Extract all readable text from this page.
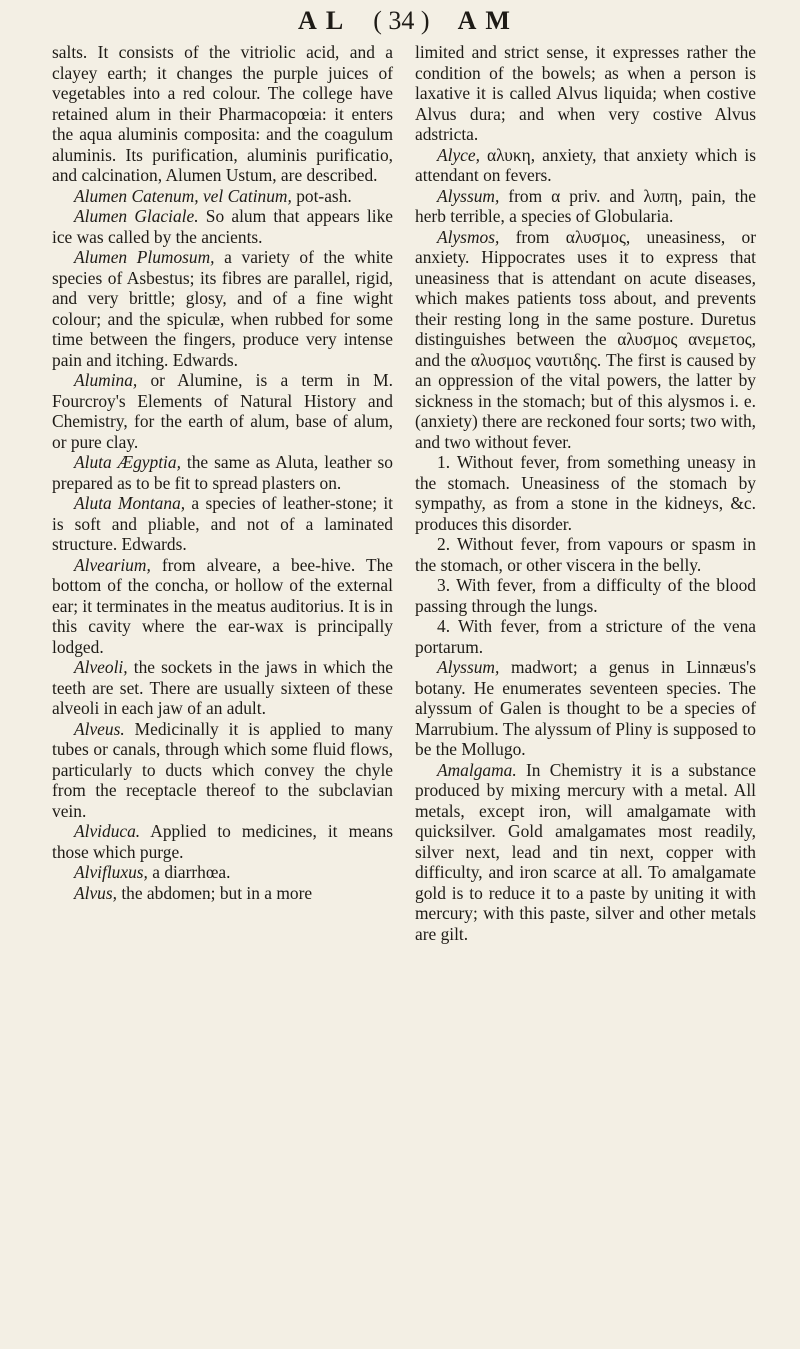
A L ( 34 ) A M

salts. It consists of the vitriolic acid, and a clayey earth; it changes the purple juices of vegetables into a red colour. The college have retained alum in their Pharmacopœia: it enters the aqua aluminis composita: and the coagulum aluminis. Its purification, aluminis purificatio, and calcination, Alumen Ustum, are described.

Alumen Catenum, vel Catinum, pot-ash.

Alumen Glaciale. So alum that appears like ice was called by the ancients.

Alumen Plumosum, a variety of the white species of Asbestus; its fibres are parallel, rigid, and very brittle; glosy, and of a fine wight colour; and the spiculæ, when rubbed for some time between the fingers, produce very intense pain and itching. Edwards.

Alumina, or Alumine, is a term in M. Fourcroy's Elements of Natural History and Chemistry, for the earth of alum, base of alum, or pure clay.

Aluta Ægyptia, the same as Aluta, leather so prepared as to be fit to spread plasters on.

Aluta Montana, a species of leather-stone; it is soft and pliable, and not of a laminated structure. Edwards.

Alvearium, from alveare, a bee-hive. The bottom of the concha, or hollow of the external ear; it terminates in the meatus auditorius. It is in this cavity where the ear-wax is principally lodged.

Alveoli, the sockets in the jaws in which the teeth are set. There are usually sixteen of these alveoli in each jaw of an adult.

Alveus. Medicinally it is applied to many tubes or canals, through which some fluid flows, particularly to ducts which convey the chyle from the receptacle thereof to the subclavian vein.

Alviduca. Applied to medicines, it means those which purge.

Alvifluxus, a diarrhœa.

Alvus, the abdomen; but in a more

limited and strict sense, it expresses rather the condition of the bowels; as when a person is laxative it is called Alvus liquida; when costive Alvus dura; and when very costive Alvus adstricta.

Alyce, αλυκη, anxiety, that anxiety which is attendant on fevers.

Alyssum, from α priv. and λυπη, pain, the herb terrible, a species of Globularia.

Alysmos, from αλυσμος, uneasiness, or anxiety. Hippocrates uses it to express that uneasiness that is attendant on acute diseases, which makes patients toss about, and prevents their resting long in the same posture. Duretus distinguishes between the αλυσμος ανεμετος, and the αλυσμος ναυτιδης. The first is caused by an oppression of the vital powers, the latter by sickness in the stomach; but of this alysmos i. e. (anxiety) there are reckoned four sorts; two with, and two without fever.

1. Without fever, from something uneasy in the stomach. Uneasiness of the stomach by sympathy, as from a stone in the kidneys, &c. produces this disorder.

2. Without fever, from vapours or spasm in the stomach, or other viscera in the belly.

3. With fever, from a difficulty of the blood passing through the lungs.

4. With fever, from a stricture of the vena portarum.

Alyssum, madwort; a genus in Linnæus's botany. He enumerates seventeen species. The alyssum of Galen is thought to be a species of Marrubium. The alyssum of Pliny is supposed to be the Mollugo.

Amalgama. In Chemistry it is a substance produced by mixing mercury with a metal. All metals, except iron, will amalgamate with quicksilver. Gold amalgamates most readily, silver next, lead and tin next, copper with difficulty, and iron scarce at all. To amalgamate gold is to reduce it to a paste by uniting it with mercury; with this paste, silver and other metals are gilt.
